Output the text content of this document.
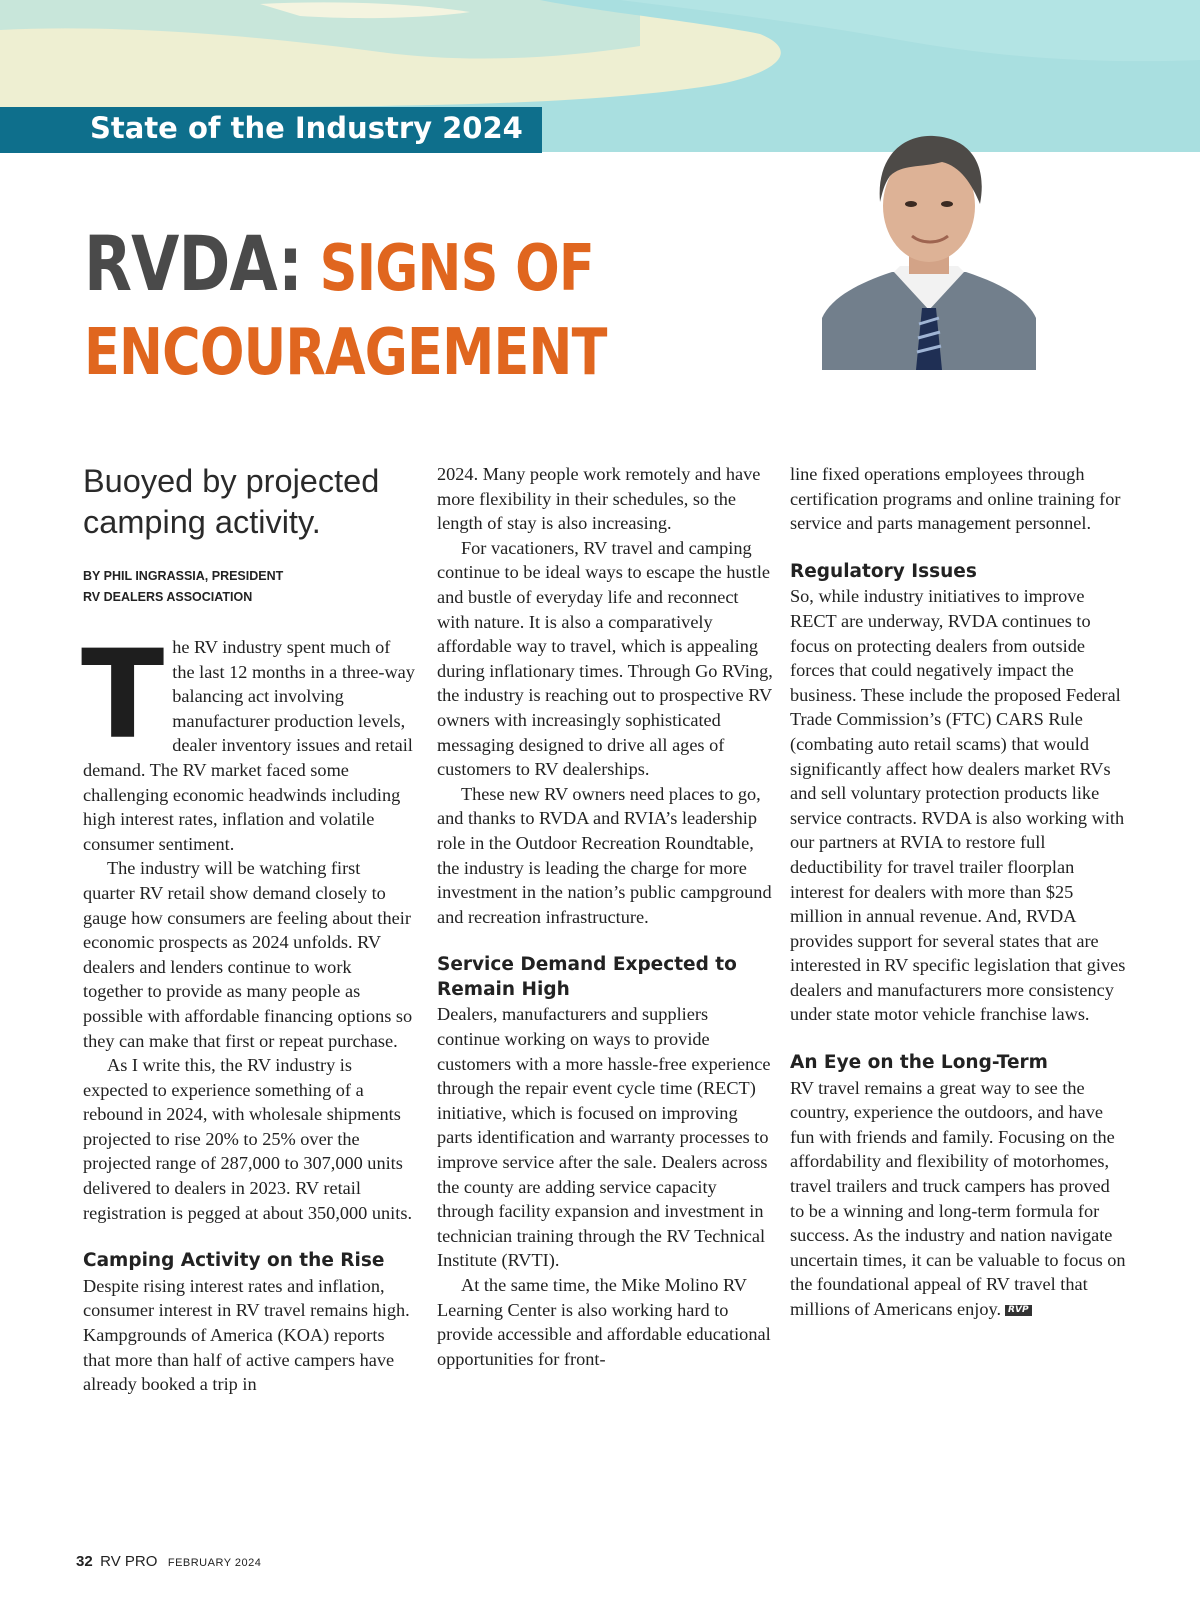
State of the Industry 2024
RVDA: SIGNS OF
ENCOURAGEMENT

Buoyed by projected camping activity.

BY PHIL INGRASSIA, PRESIDENT
RV DEALERS ASSOCIATION

The RV industry spent much of the last 12 months in a three-way balancing act involving manufacturer production levels, dealer inventory issues and retail demand. The RV market faced some challenging economic headwinds including high interest rates, inflation and volatile consumer sentiment.

The industry will be watching first quarter RV retail show demand closely to gauge how consumers are feeling about their economic prospects as 2024 unfolds. RV dealers and lenders continue to work together to provide as many people as possible with affordable financing options so they can make that first or repeat purchase.

As I write this, the RV industry is expected to experience something of a rebound in 2024, with wholesale shipments projected to rise 20% to 25% over the projected range of 287,000 to 307,000 units delivered to dealers in 2023. RV retail registration is pegged at about 350,000 units.

Camping Activity on the Rise

Despite rising interest rates and inflation, consumer interest in RV travel remains high. Kampgrounds of America (KOA) reports that more than half of active campers have already booked a trip in

2024. Many people work remotely and have more flexibility in their schedules, so the length of stay is also increasing.

For vacationers, RV travel and camping continue to be ideal ways to escape the hustle and bustle of everyday life and reconnect with nature. It is also a comparatively affordable way to travel, which is appealing during inflationary times. Through Go RVing, the industry is reaching out to prospective RV owners with increasingly sophisticated messaging designed to drive all ages of customers to RV dealerships.

These new RV owners need places to go, and thanks to RVDA and RVIA’s leadership role in the Outdoor Recreation Roundtable, the industry is leading the charge for more investment in the nation’s public campground and recreation infrastructure.

Service Demand Expected to Remain High

Dealers, manufacturers and suppliers continue working on ways to provide customers with a more hassle-free experience through the repair event cycle time (RECT) initiative, which is focused on improving parts identification and warranty processes to improve service after the sale. Dealers across the county are adding service capacity through facility expansion and investment in technician training through the RV Technical Institute (RVTI).

At the same time, the Mike Molino RV Learning Center is also working hard to provide accessible and affordable educational opportunities for front-

line fixed operations employees through certification programs and online training for service and parts management personnel.

Regulatory Issues

So, while industry initiatives to improve RECT are underway, RVDA continues to focus on protecting dealers from outside forces that could negatively impact the business. These include the proposed Federal Trade Commission’s (FTC) CARS Rule (combating auto retail scams) that would significantly affect how dealers market RVs and sell voluntary protection products like service contracts. RVDA is also working with our partners at RVIA to restore full deductibility for travel trailer floorplan interest for dealers with more than $25 million in annual revenue. And, RVDA provides support for several states that are interested in RV specific legislation that gives dealers and manufacturers more consistency under state motor vehicle franchise laws.

An Eye on the Long-Term

RV travel remains a great way to see the country, experience the outdoors, and have fun with friends and family. Focusing on the affordability and flexibility of motorhomes, travel trailers and truck campers has proved to be a winning and long-term formula for success. As the industry and nation navigate uncertain times, it can be valuable to focus on the foundational appeal of RV travel that millions of Americans enjoy. RVP

32 RV PRO FEBRUARY 2024
